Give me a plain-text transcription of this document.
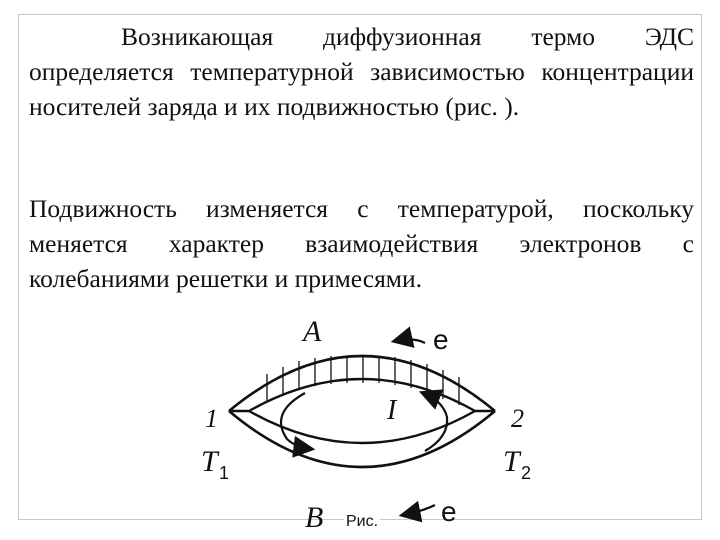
Возникающая диффузионная термо ЭДС определяется температурной зависимостью концентрации носителей заряда и их подвижностью (рис. ).
Подвижность изменяется с температурой, поскольку меняется характер взаимодействия электронов с колебаниями решетки и примесями.
A	e
I
1	2
T 1	T 2
B	e
Рис.
